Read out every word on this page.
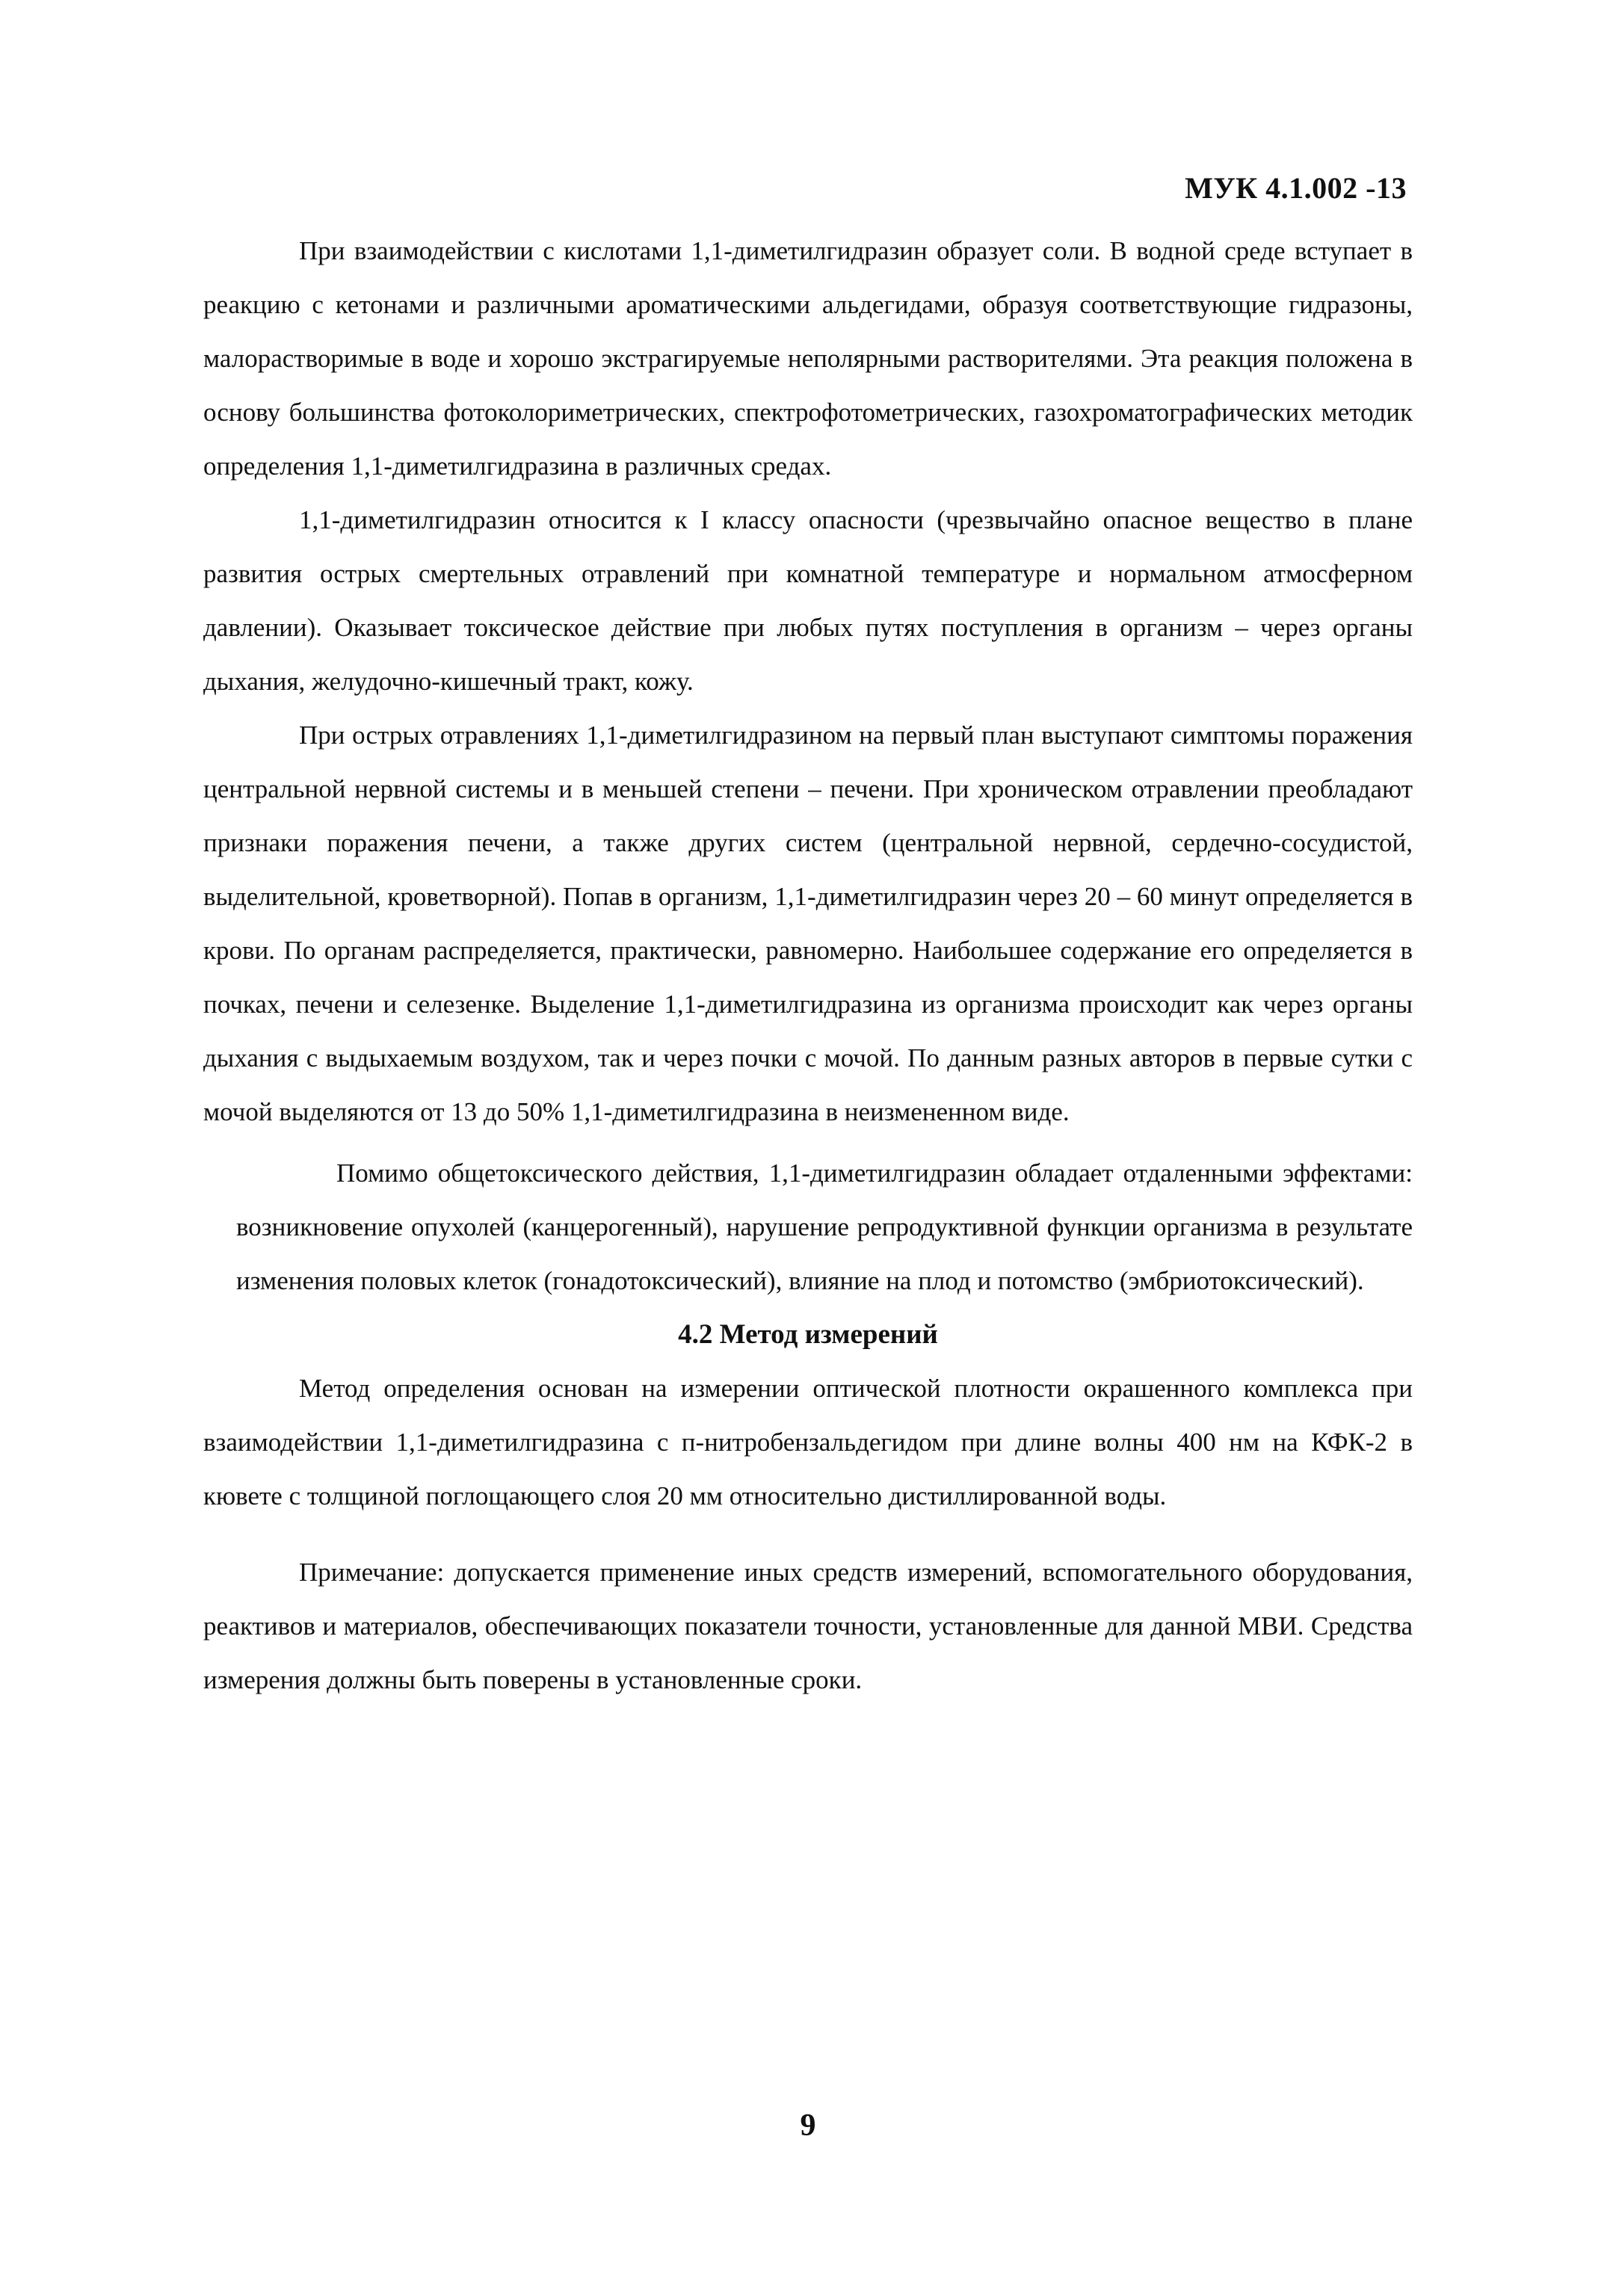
МУК 4.1.002 -13

При взаимодействии с кислотами 1,1-диметилгидразин образует соли. В водной среде вступает в реакцию с кетонами и различными ароматическими альдегидами, образуя соответствующие гидразоны, малорастворимые в воде и хорошо экстрагируемые неполярными растворителями. Эта реакция положена в основу большинства фотоколориметрических, спектрофотометрических, газохроматографических методик определения 1,1-диметилгидразина в различных средах.

1,1-диметилгидразин относится к I классу опасности (чрезвычайно опасное вещество в плане развития острых смертельных отравлений при комнатной температуре и нормальном атмосферном давлении). Оказывает токсическое действие при любых путях поступления в организм – через органы дыхания, желудочно-кишечный тракт, кожу.

При острых отравлениях 1,1-диметилгидразином на первый план выступают симптомы поражения центральной нервной системы и в меньшей степени – печени. При хроническом отравлении преобладают признаки поражения печени, а также других систем (центральной нервной, сердечно-сосудистой, выделительной, кроветворной). Попав в организм, 1,1-диметилгидразин через 20 – 60 минут определяется в крови. По органам распределяется, практически, равномерно. Наибольшее содержание его определяется в почках, печени и селезенке. Выделение 1,1-диметилгидразина из организма происходит как через органы дыхания с выдыхаемым воздухом, так и через почки с мочой. По данным разных авторов в первые сутки с мочой выделяются от 13 до 50% 1,1-диметилгидразина в неизмененном виде.

Помимо общетоксического действия, 1,1-диметилгидразин обладает отдаленными эффектами: возникновение опухолей (канцерогенный), нарушение репродуктивной функции организма в результате изменения половых клеток (гонадотоксический), влияние на плод и потомство (эмбриотоксический).

4.2 Метод измерений

Метод определения основан на измерении оптической плотности окрашенного комплекса при взаимодействии 1,1-диметилгидразина с п-нитробензальдегидом при длине волны 400 нм на КФК-2 в кювете с толщиной поглощающего слоя 20 мм относительно дистиллированной воды.

Примечание: допускается применение иных средств измерений, вспомогательного оборудования, реактивов и материалов, обеспечивающих показатели точности, установленные для данной МВИ. Средства измерения должны быть поверены в установленные сроки.

9
